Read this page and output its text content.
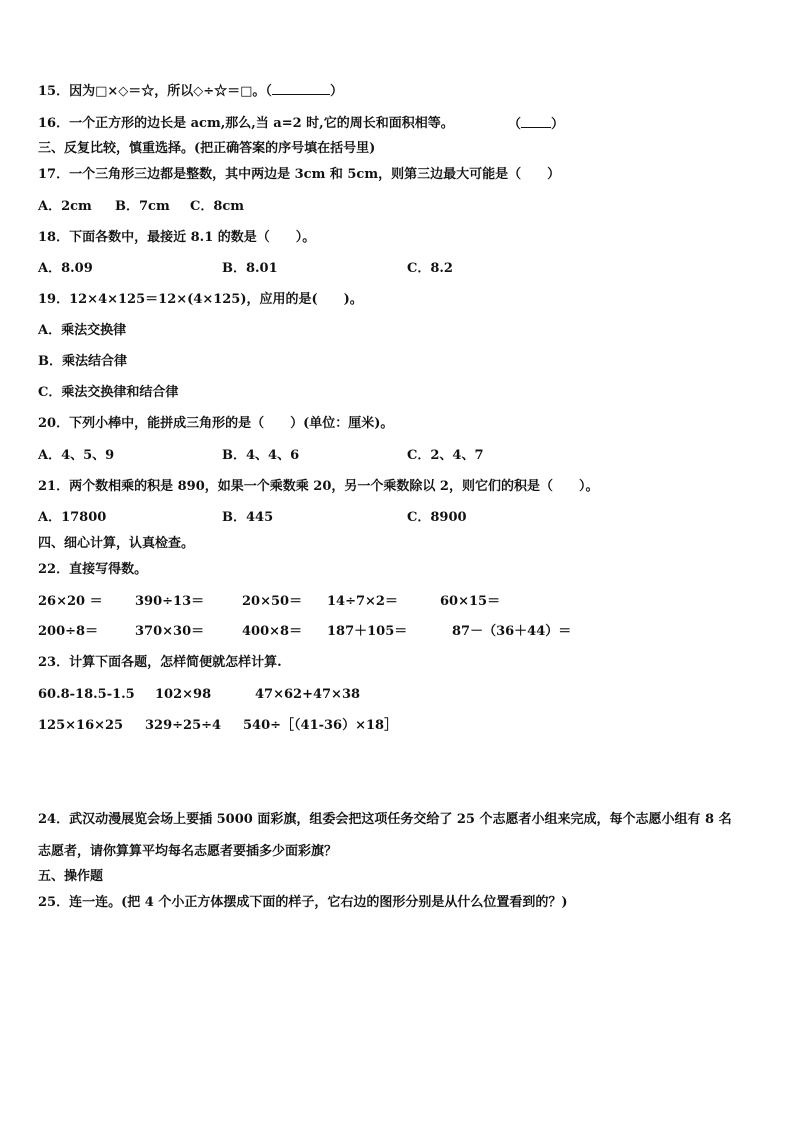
15．因为□×◇＝☆，所以◇÷☆＝□。（	）
16．一个正方形的边长是 acm,那么,当 a=2 时,它的周长和面积相等。	（ ）
三、反复比较，慎重选择。(把正确答案的序号填在括号里)
17．一个三角形三边都是整数，其中两边是 3cm 和 5cm，则第三边最大可能是（　　）
A．2cm B．7cm C．8cm
18．下面各数中，最接近 8.1 的数是（　　）。
A．8.09	B．8.01	C．8.2
19．12×4×125＝12×(4×125)，应用的是(　　)。
A．乘法交换律
B．乘法结合律
C．乘法交换律和结合律
20．下列小棒中，能拼成三角形的是（　　）(单位：厘米)。
A．4、5、9	B．4、4、6	C．2、4、7
21．两个数相乘的积是 890，如果一个乘数乘 20，另一个乘数除以 2，则它们的积是（　　）。
A．17800	B．445	C．8900
四、细心计算，认真检查。
22．直接写得数。
26×20 ＝ 390÷13＝	20×50＝ 14÷7×2＝	60×15＝
200÷8＝	370×30＝	400×8＝ 187＋105＝	87－（36＋44）＝
23．计算下面各题，怎样简便就怎样计算.
60.8-18.5-1.5 102×98	47×62+47×38
125×16×25 329÷25÷4 540÷［（41-36）×18］
24．武汉动漫展览会场上要插 5000 面彩旗，组委会把这项任务交给了 25 个志愿者小组来完成，每个志愿小组有 8 名
志愿者，请你算算平均每名志愿者要插多少面彩旗？
五、操作题
25．连一连。(把 4 个小正方体摆成下面的样子，它右边的图形分别是从什么位置看到的？)
